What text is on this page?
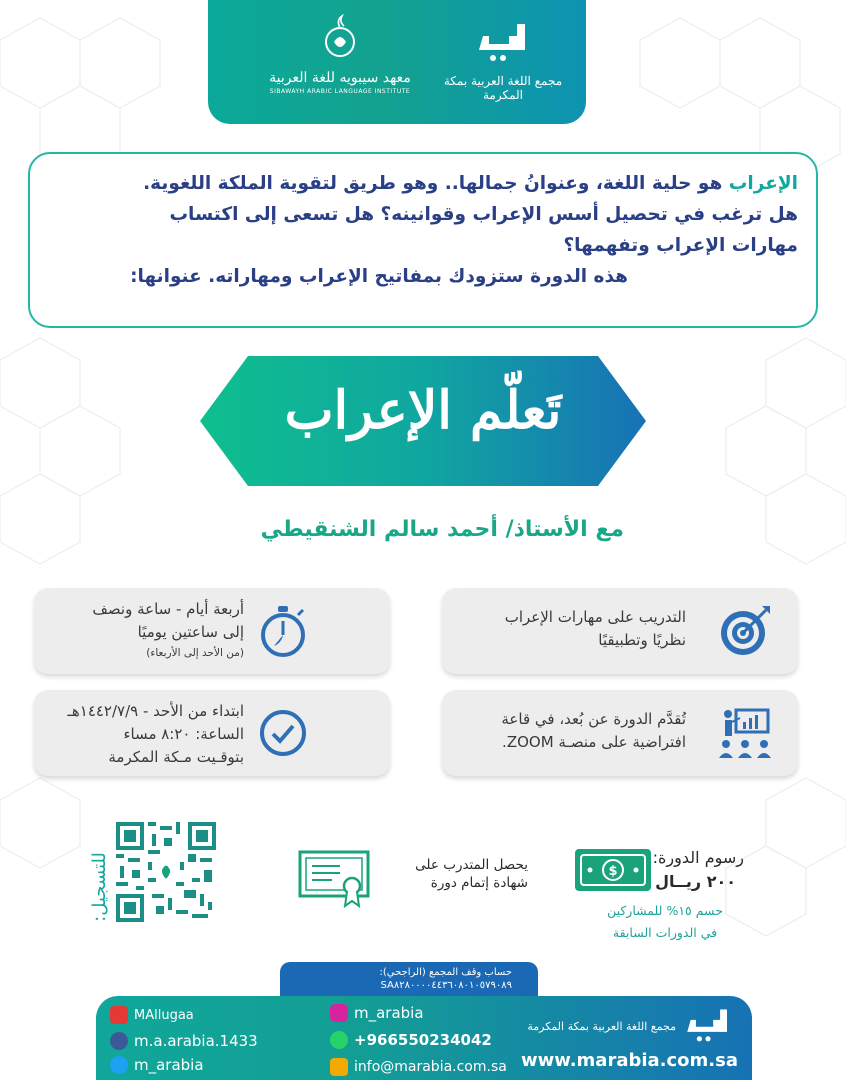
معهد سيبويه للغة العربية
SIBAWAYH ARABIC LANGUAGE INSTITUTE
مجمع اللغة العربية بمكة المكرمة
الإعراب هو حلية اللغة، وعنوانُ جمالها.. وهو طريق لتقوية الملكة اللغوية.
هل ترغب في تحصيل أسس الإعراب وقوانينه؟ هل تسعى إلى اكتساب
مهارات الإعراب وتفهمها؟
هذه الدورة ستزودك بمفاتيح الإعراب ومهاراته. عنوانها:
تَعلّم الإعراب
مع الأستاذ/ أحمد سالم الشنقيطي
التدريب على مهارات الإعراب
نظريًا وتطبيقيًا
أربعة أيام - ساعة ونصف
إلى ساعتين يوميًا
(من الأحد إلى الأربعاء)
تُقدَّم الدورة عن بُعد، في قاعة
افتراضية على منصـة ZOOM.
ابتداء من الأحد - ١٤٤٢/٧/٩هـ
الساعة: ٨:٢٠ مساء
بتوقـيت مـكة المكرمة
$
رسوم الدورة:
٢٠٠ ريــال
حسم ١٥% للمشاركين
في الدورات السابقة
يحصل المتدرب على
شهادة إتمام دورة
للتسجيل:
حساب وقف المجمع (الراجحي):
SA٨٢٨٠٠٠٠٤٤٣٦٠٨٠١٠٥٧٩٠٨٩
MAllugaa
m.a.arabia.1433
m_arabia
m_arabia
+966550234042
info@marabia.com.sa
مجمع اللغة العربية بمكة المكرمة
www.marabia.com.sa
